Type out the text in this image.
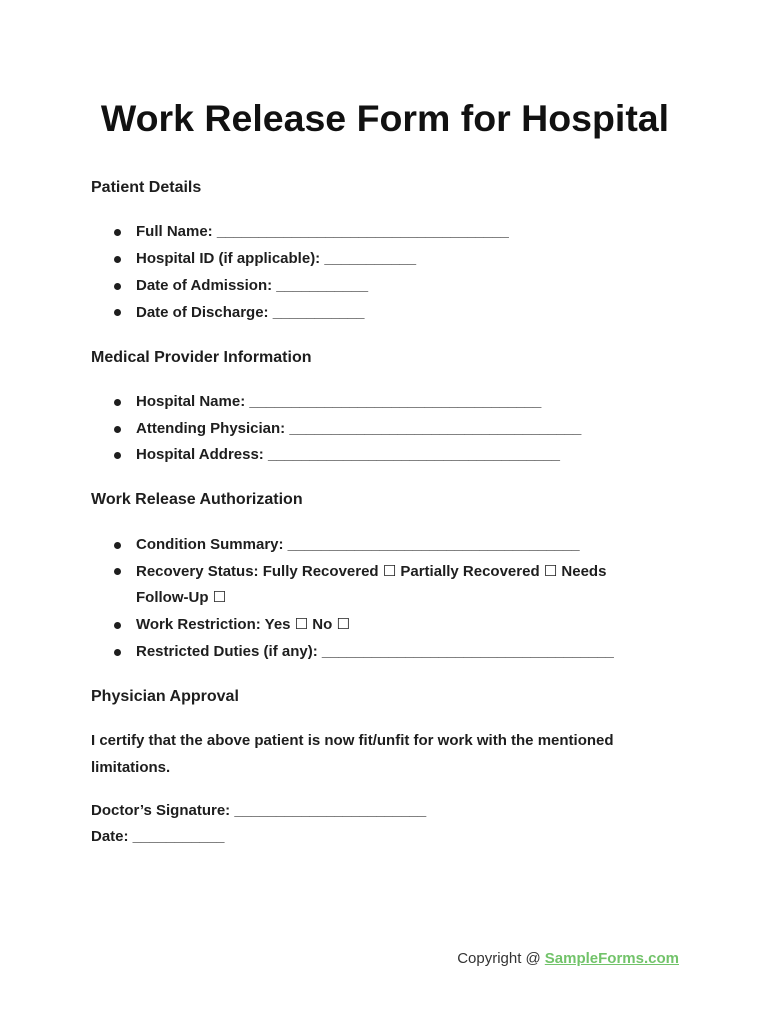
Work Release Form for Hospital
Patient Details
Full Name: ___________________________________
Hospital ID (if applicable): ___________
Date of Admission: ___________
Date of Discharge: ___________
Medical Provider Information
Hospital Name: ___________________________________
Attending Physician: ___________________________________
Hospital Address: ___________________________________
Work Release Authorization
Condition Summary: ___________________________________
Recovery Status: Fully Recovered ☐ Partially Recovered ☐ Needs Follow-Up ☐
Work Restriction: Yes ☐ No ☐
Restricted Duties (if any): ___________________________________
Physician Approval

I certify that the above patient is now fit/unfit for work with the mentioned limitations.

Doctor’s Signature: _______________________
Date: ___________
Copyright @ SampleForms.com
